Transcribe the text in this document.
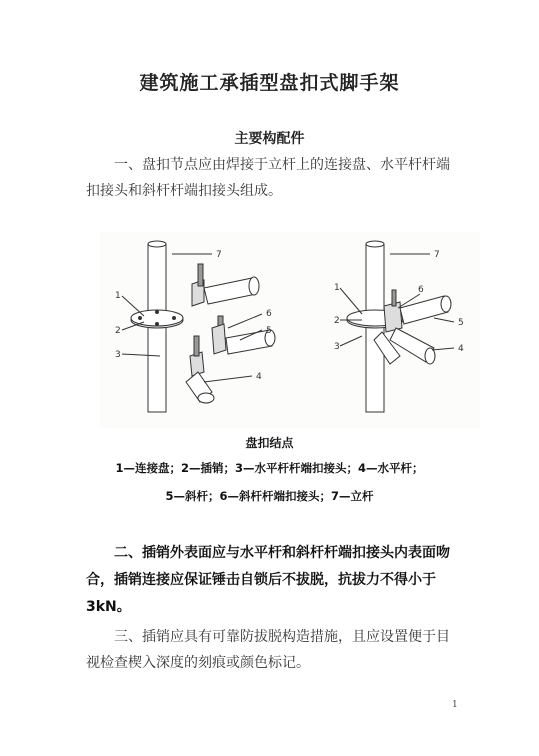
建筑施工承插型盘扣式脚手架
主要构配件
一、盘扣节点应由焊接于立杆上的连接盘、水平杆杆端
扣接头和斜杆杆端扣接头组成。
1
2
3
4
5
6
7
1
2
3	4
5
6
7
盘扣结点
1—连接盘；2—插销；3—水平杆杆端扣接头；4—水平杆；
5—斜杆；6—斜杆杆端扣接头；7—立杆
二、插销外表面应与水平杆和斜杆杆端扣接头内表面吻
合，插销连接应保证锤击自锁后不拔脱，抗拔力不得小于
3kN。
三、插销应具有可靠防拔脱构造措施，且应设置便于目
视检查楔入深度的刻痕或颜色标记。
1
